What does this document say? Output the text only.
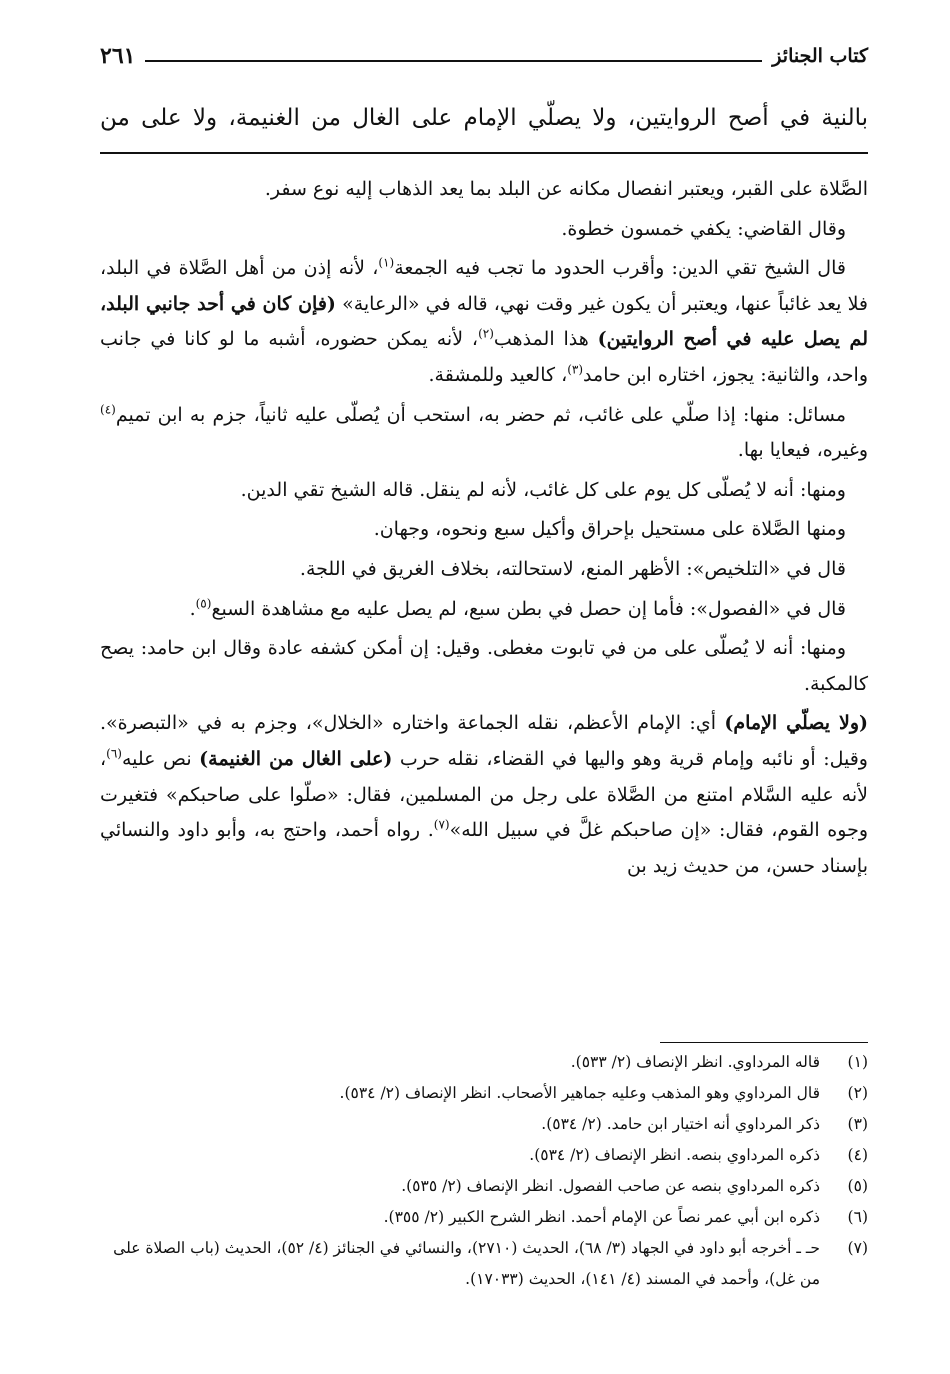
كتاب الجنائز
٢٦١
بالنية في أصح الروايتين، ولا يصلّي الإمام على الغال من الغنيمة، ولا على من

الصَّلاة على القبر، ويعتبر انفصال مكانه عن البلد بما يعد الذهاب إليه نوع سفر.

وقال القاضي: يكفي خمسون خطوة.

قال الشيخ تقي الدين: وأقرب الحدود ما تجب فيه الجمعة$^{(١)}$، لأنه إذن من أهل الصَّلاة في البلد، فلا يعد غائباً عنها، ويعتبر أن يكون غير وقت نهي، قاله في «الرعاية» (فإن كان في أحد جانبي البلد، لم يصل عليه في أصح الروايتين) هذا المذهب$^{(٢)}$، لأنه يمكن حضوره، أشبه ما لو كانا في جانب واحد، والثانية: يجوز، اختاره ابن حامد$^{(٣)}$، كالعيد وللمشقة.

مسائل: منها: إذا صلّي على غائب، ثم حضر به، استحب أن يُصلّى عليه ثانياً، جزم به ابن تميم$^{(٤)}$ وغيره، فيعايا بها.

ومنها: أنه لا يُصلّى كل يوم على كل غائب، لأنه لم ينقل. قاله الشيخ تقي الدين.

ومنها الصَّلاة على مستحيل بإحراق وأكيل سبع ونحوه، وجهان.

قال في «التلخيص»: الأظهر المنع، لاستحالته، بخلاف الغريق في اللجة.

قال في «الفصول»: فأما إن حصل في بطن سبع، لم يصل عليه مع مشاهدة السبع$^{(٥)}$.

ومنها: أنه لا يُصلّى على من في تابوت مغطى. وقيل: إن أمكن كشفه عادة وقال ابن حامد: يصح كالمكبة.

(ولا يصلّي الإمام) أي: الإمام الأعظم، نقله الجماعة واختاره «الخلال»، وجزم به في «التبصرة». وقيل: أو نائبه وإمام قرية وهو واليها في القضاء، نقله حرب (على الغال من الغنيمة) نص عليه$^{(٦)}$، لأنه عليه السَّلام امتنع من الصَّلاة على رجل من المسلمين، فقال: «صلّوا على صاحبكم» فتغيرت وجوه القوم، فقال: «إن صاحبكم غلَّ في سبيل الله»$^{(٧)}$. رواه أحمد، واحتج به، وأبو داود والنسائي بإسناد حسن، من حديث زيد بن

(١)
قاله المرداوي. انظر الإنصاف (٢/ ٥٣٣).
(٢)
قال المرداوي وهو المذهب وعليه جماهير الأصحاب. انظر الإنصاف (٢/ ٥٣٤).
(٣)
ذكر المرداوي أنه اختيار ابن حامد. (٢/ ٥٣٤).
(٤)
ذكره المرداوي بنصه. انظر الإنصاف (٢/ ٥٣٤).
(٥)
ذكره المرداوي بنصه عن صاحب الفصول. انظر الإنصاف (٢/ ٥٣٥).
(٦)
ذكره ابن أبي عمر نصاً عن الإمام أحمد. انظر الشرح الكبير (٢/ ٣٥٥).
(٧)
حـ ـ أخرجه أبو داود في الجهاد (٣/ ٦٨)، الحديث (٢٧١٠)، والنسائي في الجنائز (٤/ ٥٢)، الحديث (باب الصلاة على من غل)، وأحمد في المسند (٤/ ١٤١)، الحديث (١٧٠٣٣).
